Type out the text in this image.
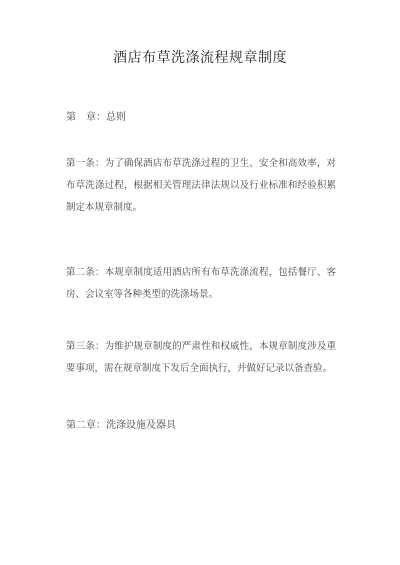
酒店布草洗涤流程规章制度
第　章：总则
第一条：为了确保酒店布草洗涤过程的卫生、安全和高效率，对布草洗涤过程，根据相关管理法律法规以及行业标准和经验积累制定本规章制度。
第二条：本规章制度适用酒店所有布草洗涤流程，包括餐厅、客房、会议室等各种类型的洗涤场景。
第三条：为维护规章制度的严肃性和权威性，本规章制度涉及重要事项，需在规章制度下发后全面执行，并做好记录以备查验。
第二章：洗涤设施及器具
